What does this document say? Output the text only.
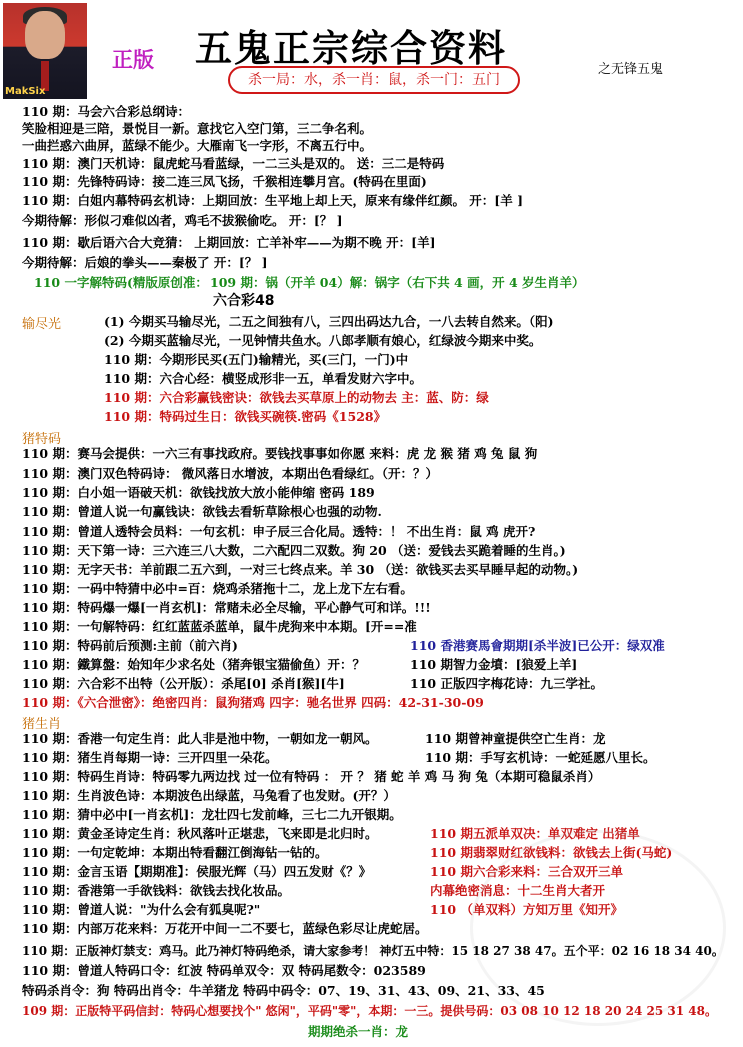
MakSix
正版 五鬼正宗综合资料
杀一局：水，杀一肖：鼠，杀一门：五门
之无锋五鬼
110 期：马会六合彩总纲诗：
笑脸相迎是三陪，景悦目一新。意找它入空门第，三二争名利。
一曲拦惑六曲屏，蓝绿不能少。大雁南飞一字形，不离五行中。
110 期：澳门天机诗：鼠虎蛇马看蓝绿，一二三头是双的。 送：三二是特码
110 期：先锋特码诗：接二连三凤飞扬，千猴相连攀月宫。(特码在里面)
110 期：白姐内幕特码玄机诗：上期回放：生平地上却上天，原来有缘伴红颜。 开：[羊 ]
今期待解：形似刁难似凶者，鸡毛不拔猴偷吃。 开：[？ ]
110 期：歇后语六合大竞猜： 上期回放：亡羊补牢——为期不晚 开：[羊]
今期待解：后娘的拳头——秦极了 开：[？ ]
110 一字解特码(精版原创准： 109 期：锅（开羊 04）解：锅字（右下共 4 画，开 4 岁生肖羊）
六合彩48
输尽光	(1) 今期买马输尽光，二五之间独有八，三四出码达九合，一八去转自然来。（阳)
(2) 今期买蓝输尽光，一见钟情共鱼水。八郎孝顺有娘心，红绿波今期来中奖。
110 期：今期形民买(五门)输精光，买(三门，一门)中
110 期：六合心经：横竖成形非一五，单看发财六字中。
110 期：六合彩赢钱密诀：欲钱去买草原上的动物去 主：蓝、防：绿
110 期：特码过生日：欲钱买碗筷.密码《1528》
猪特码
110 期：赛马会提供：一六三有事找政府。要钱找事事如你愿 来料：虎 龙 猴 猪 鸡 兔 鼠 狗
110 期：澳门双色特码诗： 微风落日水增波，本期出色看绿红。（开：？）
110 期：白小姐一语破天机：欲钱找放大放小能伸缩 密码 189
110 期：曾道人说一句赢钱诀：欲钱去看斩草除根心也强的动物.
110 期：曾道人透特会员料：一句玄机：申子辰三合化局。透特：！ 不出生肖：鼠 鸡 虎开?
110 期：天下第一诗：三六连三八大数，二六配四二双数。狗 20 （送：爱钱去买跪着睡的生肖。)
110 期：无字天书：羊前跟二五六到，一对三七终点来。羊 30 （送：欲钱买去买早睡早起的动物。)
110 期：一码中特猜中必中=百：烧鸡杀猪拖十二，龙上龙下左右看。
110 期：特码爆一爆[一肖玄机]：常赌未必全尽输，平心静气可和详。!!!
110 期：一句解特码：红红蓝蓝杀蓝单，鼠牛虎狗来中本期。[开==准
110 期：特码前后预测:主前（前六肖)	110 香港赛馬會期期[杀半波]已公开：绿双准
110 期：鐵算盤：始知年少求名处（猪奔银宝猫偷鱼）开：？	110 期智力金墳：[狼爱上羊]
110 期：六合彩不出特（公开版）：杀尾[0] 杀肖[猴][牛]	110 正版四字梅花诗：九三学社。
110 期：《六合泄密》：绝密四肖：鼠狗猪鸡 四字：驰名世界 四码：42-31-30-09
猪生肖
110 期：香港一句定生肖：此人非是池中物，一朝如龙一朝风。	110 期曾神童提供空亡生肖：龙
110 期：猪生肖每期一诗：三开四里一朵花。	110 期：手写玄机诗：一蛇延愿八里长。
110 期：特码生肖诗：特码零九两边找 过一位有特码 ： 开 ？ 猪 蛇 羊 鸡 马 狗 兔（本期可稳鼠杀肖）
110 期：生肖波色诗：本期波色出绿蓝，马兔看了也发财。(开？）
110 期：猜中必中[一肖玄机]：龙壮四七发前峰，三七二九开银期。
110 期：黄金圣诗定生肖：秋风落叶正堪悲，飞来即是北归时。	110 期五派单双决：单双难定 出猪单
110 期：一句定乾坤：本期出特看翻江倒海钻一钻的。	110 期翡翠财红欲钱料：欲钱去上街(马蛇)
110 期：金言玉语【期期准】：侯服光辉（马）四五发财《？》	110 期六合彩来料：三合双开三单
110 期：香港第一手欲钱料：欲钱去找化妆品。	内幕绝密消息：十二生肖大者开
110 期：曾道人说："为什么会有狐臭呢?"	110 （单双料）方知万里《知开》
110 期：内部万花来料：万花开中间一二不要七，蓝绿色彩尽让虎蛇居。
110 期：正版神灯禁支：鸡马。此乃神灯特码绝杀，请大家参考！ 神灯五中特：15 18 27 38 47。五个平：02 16 18 34 40。
110 期：曾道人特码口令：红波 特码单双令：双 特码尾数令：023589
特码杀肖令：狗 特码出肖令：牛羊猪龙 特码中码令：07、19、31、43、09、21、33、45
109 期：正版特平码信封：特码心想要找个" 悠闲"，平码"零"，本期：一三。提供号码：03 08 10 12 18 20 24 25 31 48。
期期绝杀一肖：龙
